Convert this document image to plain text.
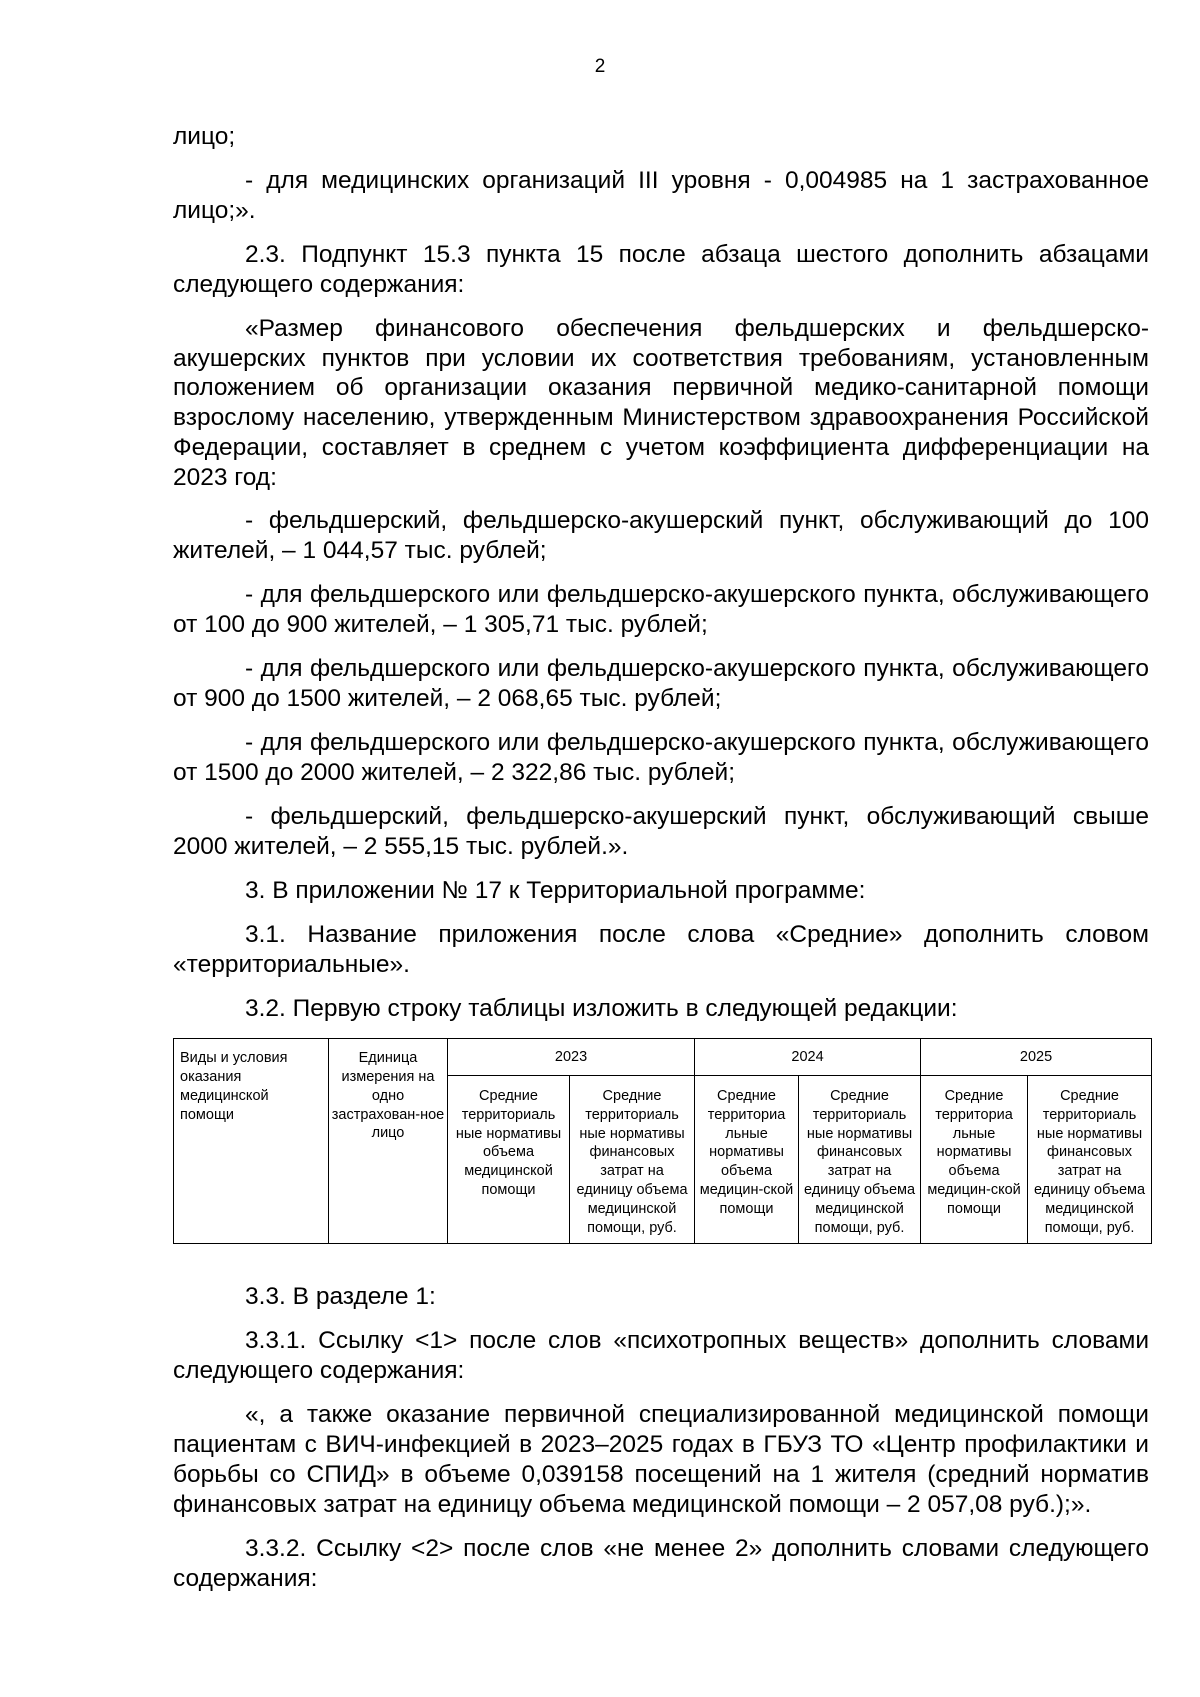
2

лицо;

- для медицинских организаций III уровня - 0,004985 на 1 застрахованное лицо;».

2.3. Подпункт 15.3 пункта 15 после абзаца шестого дополнить абзацами следующего содержания:

«Размер финансового обеспечения фельдшерских и фельдшерско-акушерских пунктов при условии их соответствия требованиям, установленным положением об организации оказания первичной медико-санитарной помощи взрослому населению, утвержденным Министерством здравоохранения Российской Федерации, составляет в среднем с учетом коэффициента дифференциации на 2023 год:

- фельдшерский, фельдшерско-акушерский пункт, обслуживающий до 100 жителей, – 1 044,57 тыс. рублей;

- для фельдшерского или фельдшерско-акушерского пункта, обслуживающего от 100 до 900 жителей, – 1 305,71 тыс. рублей;

- для фельдшерского или фельдшерско-акушерского пункта, обслуживающего от 900 до 1500 жителей, – 2 068,65 тыс. рублей;

- для фельдшерского или фельдшерско-акушерского пункта, обслуживающего от 1500 до 2000 жителей, – 2 322,86 тыс. рублей;

- фельдшерский, фельдшерско-акушерский пункт, обслуживающий свыше 2000 жителей, – 2 555,15 тыс. рублей.».

3. В приложении № 17 к Территориальной программе:

3.1. Название приложения после слова «Средние» дополнить словом «территориальные».

3.2. Первую строку таблицы изложить в следующей редакции:

Виды и условия оказания медицинской помощи	Единица измерения на одно застрахован-ное лицо	2023		2024		2025	
		Средние территориаль ные нормативы объема медицинской помощи	Средние территориаль ные нормативы финансовых затрат на единицу объема медицинской помощи, руб.	Средние территориа льные нормативы объема медицин-ской помощи	Средние территориаль ные нормативы финансовых затрат на единицу объема медицинской помощи, руб.	Средние территориа льные нормативы объема медицин-ской помощи	Средние территориаль ные нормативы финансовых затрат на единицу объема медицинской помощи, руб.

3.3. В разделе 1:

3.3.1. Ссылку <1> после слов «психотропных веществ» дополнить словами следующего содержания:

«, а также оказание первичной специализированной медицинской помощи пациентам с ВИЧ-инфекцией в 2023–2025 годах в ГБУЗ ТО «Центр профилактики и борьбы со СПИД» в объеме 0,039158 посещений на 1 жителя (средний норматив финансовых затрат на единицу объема медицинской помощи – 2 057,08 руб.);».

3.3.2. Ссылку <2> после слов «не менее 2» дополнить словами следующего содержания:
